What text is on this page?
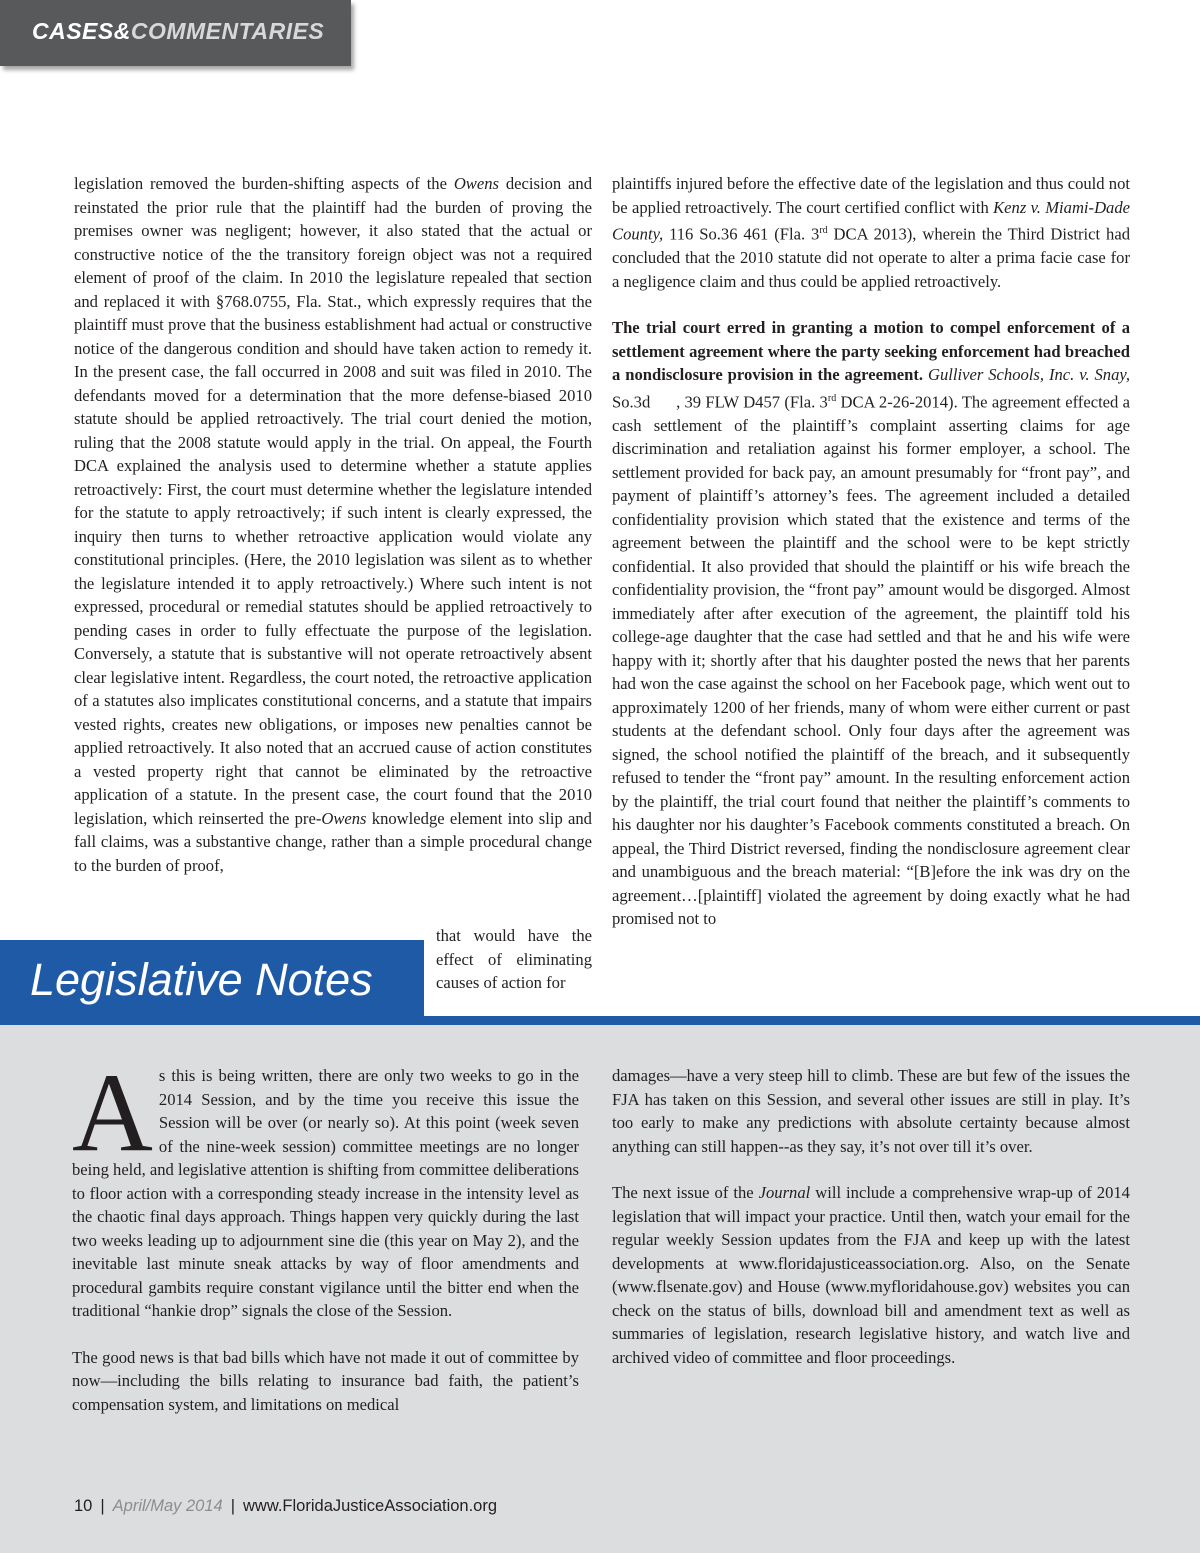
CASES&COMMENTARIES

legislation removed the burden-shifting aspects of the Owens decision and reinstated the prior rule that the plaintiff had the burden of proving the premises owner was negligent; however, it also stated that the actual or constructive notice of the the transitory foreign object was not a required element of proof of the claim. In 2010 the legislature repealed that section and replaced it with §768.0755, Fla. Stat., which expressly requires that the plaintiff must prove that the business establishment had actual or constructive notice of the dangerous condition and should have taken action to remedy it. In the present case, the fall occurred in 2008 and suit was filed in 2010. The defendants moved for a determination that the more defense-biased 2010 statute should be applied retroactively. The trial court denied the motion, ruling that the 2008 statute would apply in the trial. On appeal, the Fourth DCA explained the analysis used to determine whether a statute applies retroactively: First, the court must determine whether the legislature intended for the statute to apply retroactively; if such intent is clearly expressed, the inquiry then turns to whether retroactive application would violate any constitutional principles. (Here, the 2010 legislation was silent as to whether the legislature intended it to apply retroactively.) Where such intent is not expressed, procedural or remedial statutes should be applied retroactively to pending cases in order to fully effectuate the purpose of the legislation. Conversely, a statute that is substantive will not operate retroactively absent clear legislative intent. Regardless, the court noted, the retroactive application of a statutes also implicates constitutional concerns, and a statute that impairs vested rights, creates new obligations, or imposes new penalties cannot be applied retroactively. It also noted that an accrued cause of action constitutes a vested property right that cannot be eliminated by the retroactive application of a statute. In the present case, the court found that the 2010 legislation, which reinserted the pre-Owens knowledge element into slip and fall claims, was a substantive change, rather than a simple procedural change to the burden of proof,

that would have the effect of eliminating causes of action for

plaintiffs injured before the effective date of the legislation and thus could not be applied retroactively. The court certified conflict with Kenz v. Miami-Dade County, 116 So.36 461 (Fla. 3rd DCA 2013), wherein the Third District had concluded that the 2010 statute did not operate to alter a prima facie case for a negligence claim and thus could be applied retroactively.

The trial court erred in granting a motion to compel enforcement of a settlement agreement where the party seeking enforcement had breached a nondisclosure provision in the agreement. Gulliver Schools, Inc. v. Snay,      So.3d      , 39 FLW D457 (Fla. 3rd DCA 2-26-2014). The agreement effected a cash settlement of the plaintiff’s complaint asserting claims for age discrimination and retaliation against his former employer, a school. The settlement provided for back pay, an amount presumably for “front pay”, and payment of plaintiff’s attorney’s fees. The agreement included a detailed confidentiality provision which stated that the existence and terms of the agreement between the plaintiff and the school were to be kept strictly confidential. It also provided that should the plaintiff or his wife breach the confidentiality provision, the “front pay” amount would be disgorged. Almost immediately after after execution of the agreement, the plaintiff told his college-age daughter that the case had settled and that he and his wife were happy with it; shortly after that his daughter posted the news that her parents had won the case against the school on her Facebook page, which went out to approximately 1200 of her friends, many of whom were either current or past students at the defendant school. Only four days after the agreement was signed, the school notified the plaintiff of the breach, and it subsequently refused to tender the “front pay” amount. In the resulting enforcement action by the plaintiff, the trial court found that neither the plaintiff’s comments to his daughter nor his daughter’s Facebook comments constituted a breach. On appeal, the Third District reversed, finding the nondisclosure agreement clear and unambiguous and the breach material: “[B]efore the ink was dry on the agreement…[plaintiff] violated the agreement by doing exactly what he had promised not to

Legislative Notes

As this is being written, there are only two weeks to go in the 2014 Session, and by the time you receive this issue the Session will be over (or nearly so). At this point (week seven of the nine-week session) committee meetings are no longer being held, and legislative attention is shifting from committee deliberations to floor action with a corresponding steady increase in the intensity level as the chaotic final days approach. Things happen very quickly during the last two weeks leading up to adjournment sine die (this year on May 2), and the inevitable last minute sneak attacks by way of floor amendments and procedural gambits require constant vigilance until the bitter end when the traditional “hankie drop” signals the close of the Session.

The good news is that bad bills which have not made it out of committee by now—including the bills relating to insurance bad faith, the patient’s compensation system, and limitations on medical

damages—have a very steep hill to climb. These are but few of the issues the FJA has taken on this Session, and several other issues are still in play. It’s too early to make any predictions with absolute certainty because almost anything can still happen--as they say, it’s not over till it’s over.

The next issue of the Journal will include a comprehensive wrap-up of 2014 legislation that will impact your practice. Until then, watch your email for the regular weekly Session updates from the FJA and keep up with the latest developments at www.floridajusticeassociation.org. Also, on the Senate (www.flsenate.gov) and House (www.myfloridahouse.gov) websites you can check on the status of bills, download bill and amendment text as well as summaries of legislation, research legislative history, and watch live and archived video of committee and floor proceedings.

10 | April/May 2014 | www.FloridaJusticeAssociation.org
